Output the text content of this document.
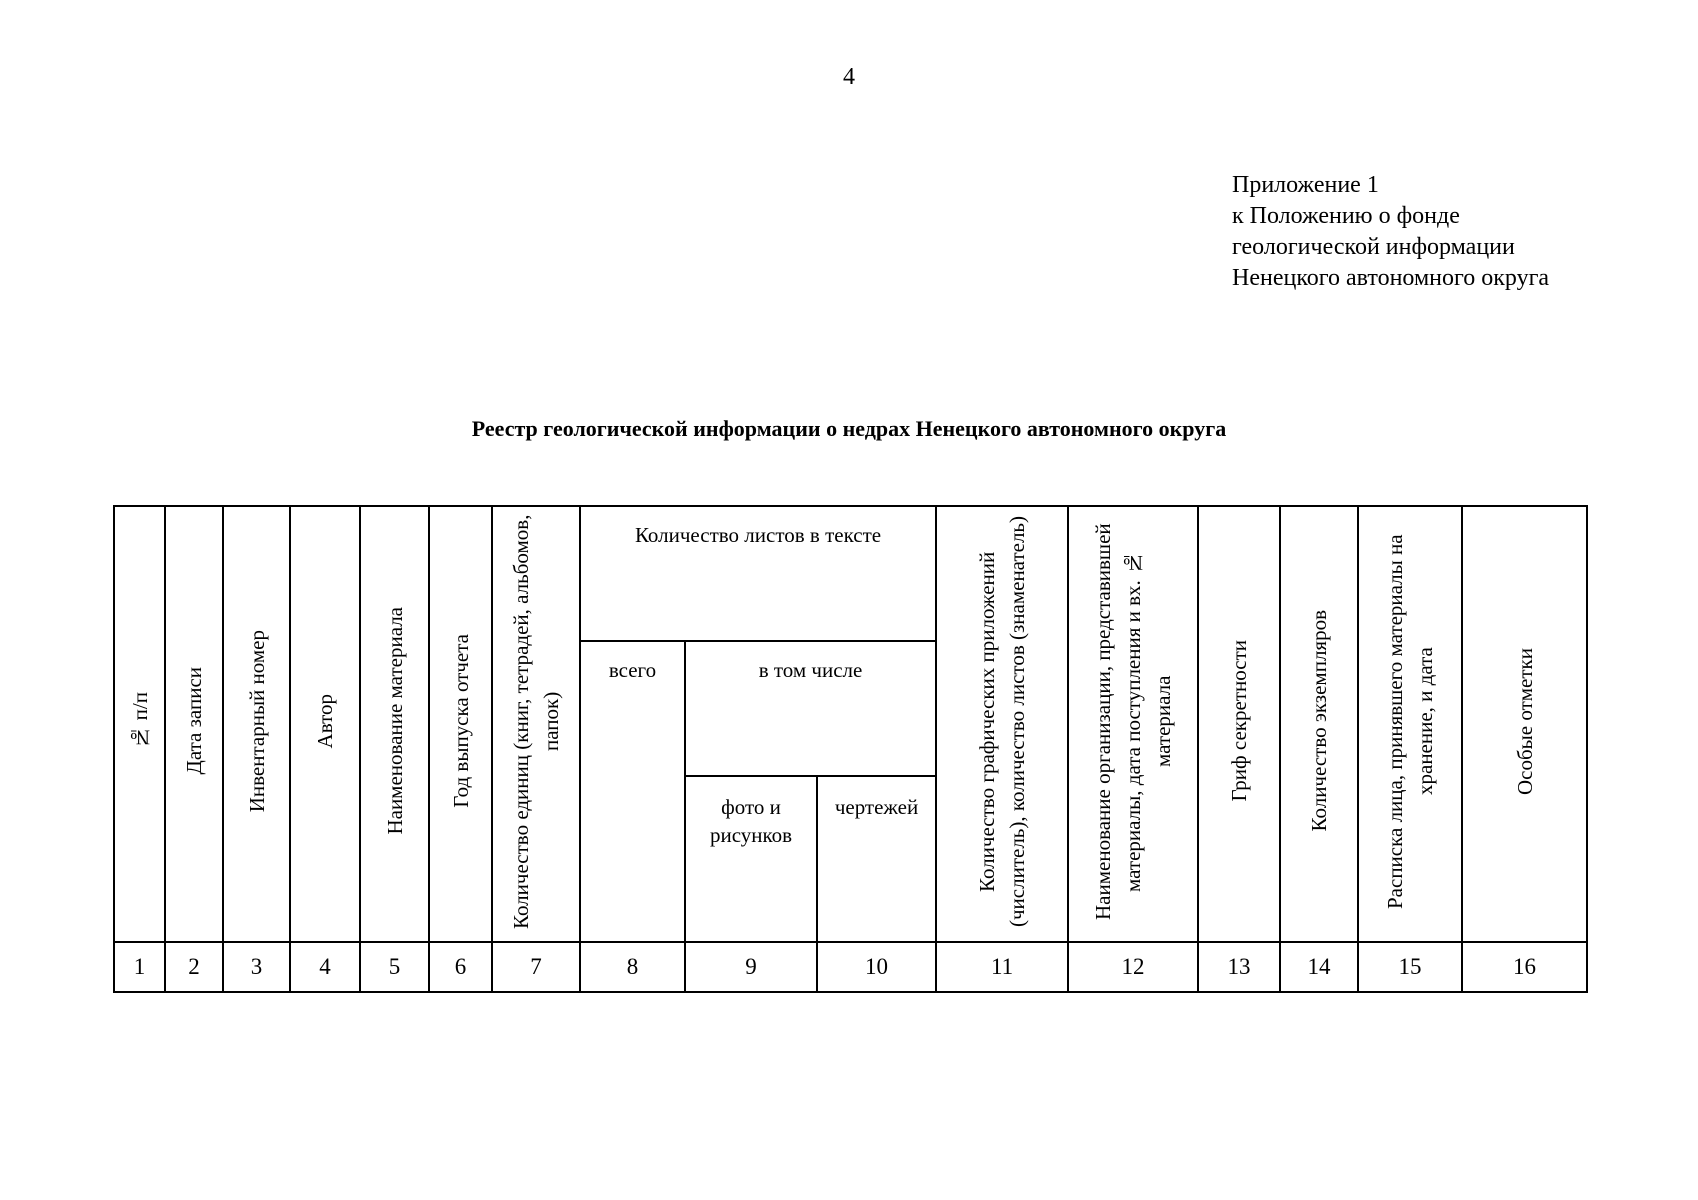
4
Приложение 1
к Положению о фонде
геологической информации
Ненецкого автономного округа
Реестр геологической информации о недрах Ненецкого автономного округа
№ п/п	Дата записи	Инвентарный номер	Автор	Наименование материала	Год выпуска отчета	Количество единиц (книг, тетрадей, альбомов, папок)	Количество листов в тексте			Количество графических приложений (числитель), количество листов (знаменатель)	Наименование организации, представившей материалы, дата поступления и вх. № материала	Гриф секретности	Количество экземпляров	Расписка лица, принявшего материалы на хранение, и дата	Особые отметки

							всего	в том числе							

								фото и рисунков	чертежей						

1	2	3	4	5	6	7	8	9	10	11	12	13	14	15	16
